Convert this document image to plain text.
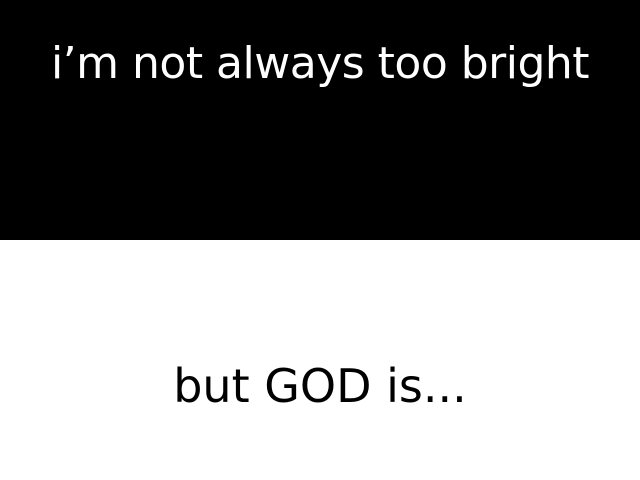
i’m not always too bright
but GOD is...
